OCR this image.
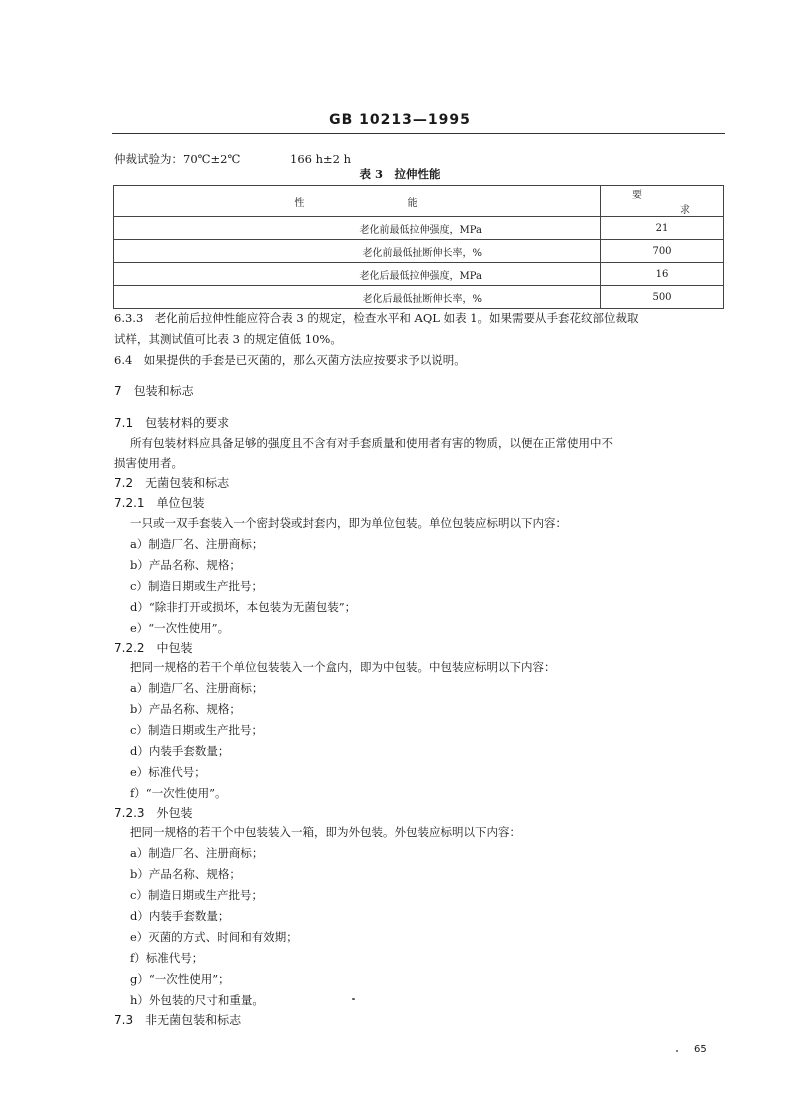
GB 10213—1995
仲裁试验为：70℃±2℃	166 h±2 h
表 3　拉伸性能
性 能	要 求
老化前最低拉伸强度，MPa	21
老化前最低扯断伸长率，%	700
老化后最低拉伸强度，MPa	16
老化后最低扯断伸长率，%	500
6.3.3　老化前后拉伸性能应符合表 3 的规定，检查水平和 AQL 如表 1。如果需要从手套花纹部位裁取
试样，其测试值可比表 3 的规定值低 10%。
6.4　如果提供的手套是已灭菌的，那么灭菌方法应按要求予以说明。
7　包装和标志
7.1　包装材料的要求
所有包装材料应具备足够的强度且不含有对手套质量和使用者有害的物质，以便在正常使用中不
损害使用者。
7.2　无菌包装和标志
7.2.1　单位包装
一只或一双手套装入一个密封袋或封套内，即为单位包装。单位包装应标明以下内容：
a）制造厂名、注册商标；
b）产品名称、规格；
c）制造日期或生产批号；
d）“除非打开或损坏，本包装为无菌包装”；
e）“一次性使用”。
7.2.2　中包装
把同一规格的若干个单位包装装入一个盒内，即为中包装。中包装应标明以下内容：
a）制造厂名、注册商标；
b）产品名称、规格；
c）制造日期或生产批号；
d）内装手套数量；
e）标准代号；
f）“一次性使用”。
7.2.3　外包装
把同一规格的若干个中包装装入一箱，即为外包装。外包装应标明以下内容：
a）制造厂名、注册商标；
b）产品名称、规格；
c）制造日期或生产批号；
d）内装手套数量；
e）灭菌的方式、时间和有效期；
f）标准代号；
g）“一次性使用”；
h）外包装的尺寸和重量。
7.3　非无菌包装和标志
65
